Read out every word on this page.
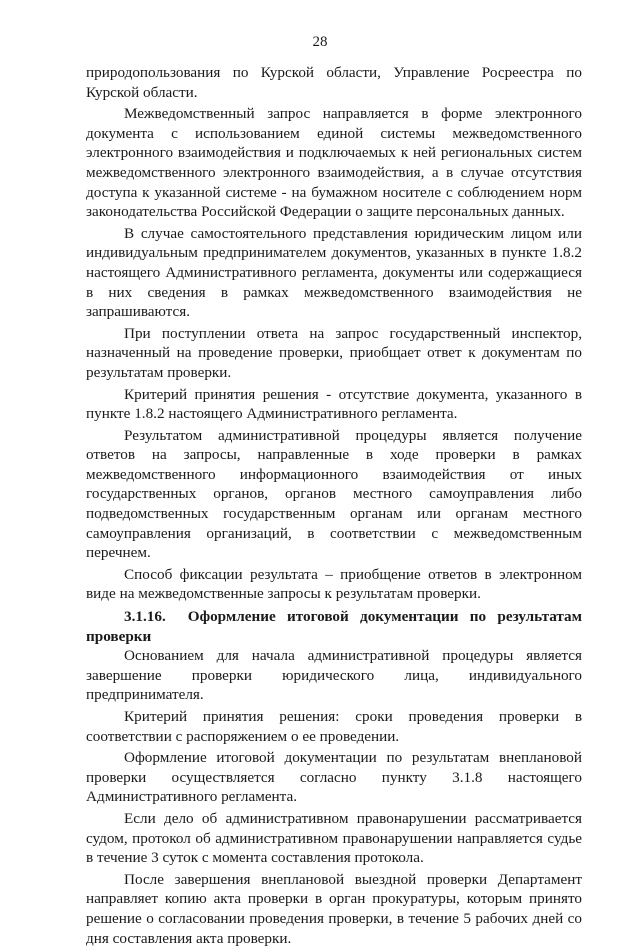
28

природопользования по Курской области, Управление Росреестра по Курской области.

Межведомственный запрос направляется в форме электронного документа с использованием единой системы межведомственного электронного взаимодействия и подключаемых к ней региональных систем межведомственного электронного взаимодействия, а в случае отсутствия доступа к указанной системе - на бумажном носителе с соблюдением норм законодательства Российской Федерации о защите персональных данных.

В случае самостоятельного представления юридическим лицом или индивидуальным предпринимателем документов, указанных в пункте 1.8.2 настоящего Административного регламента, документы или содержащиеся в них сведения в рамках межведомственного взаимодействия не запрашиваются.

При поступлении ответа на запрос государственный инспектор, назначенный на проведение проверки, приобщает ответ к документам по результатам проверки.

Критерий принятия решения - отсутствие документа, указанного в пункте 1.8.2 настоящего Административного регламента.

Результатом административной процедуры является получение ответов на запросы, направленные в ходе проверки в рамках межведомственного информационного взаимодействия от иных государственных органов, органов местного самоуправления либо подведомственных государственным органам или органам местного самоуправления организаций, в соответствии с межведомственным перечнем.

Способ фиксации результата – приобщение ответов в электронном виде на межведомственные запросы к результатам проверки.

3.1.16. Оформление итоговой документации по результатам проверки

Основанием для начала административной процедуры является завершение проверки юридического лица, индивидуального предпринимателя.

Критерий принятия решения: сроки проведения проверки в соответствии с распоряжением о ее проведении.

Оформление итоговой документации по результатам внеплановой проверки осуществляется согласно пункту 3.1.8 настоящего Административного регламента.

Если дело об административном правонарушении рассматривается судом, протокол об административном правонарушении направляется судье в течение 3 суток с момента составления протокола.

После завершения внеплановой выездной проверки Департамент направляет копию акта проверки в орган прокуратуры, которым принято решение о согласовании проведения проверки, в течение 5 рабочих дней со дня составления акта проверки.
